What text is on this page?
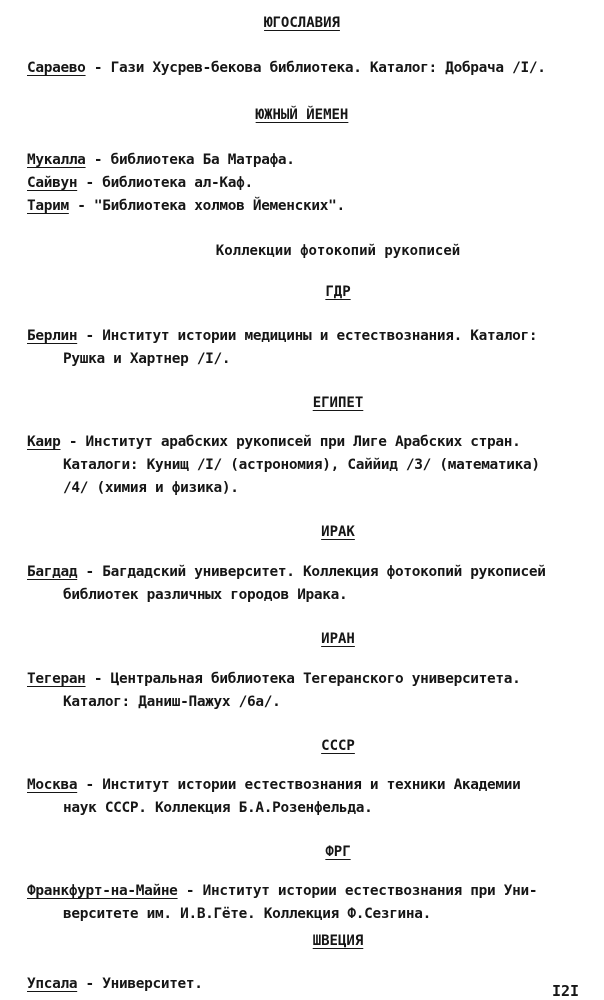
ЮГОСЛАВИЯ
Сараево - Гази Хусрев-бекова библиотека. Каталог: Добрача /I/.
ЮЖНЫЙ ЙЕМЕН
Мукалла - библиотека Ба Матрафа.
Сайвун - библиотека ал-Каф.
Тарим - "Библиотека холмов Йеменских".
Коллекции фотокопий рукописей
ГДР
Берлин - Институт истории медицины и естествознания. Каталог:
Рушка и Хартнер /I/.
ЕГИПЕТ
Каир - Институт арабских рукописей при Лиге Арабских стран.
Каталоги: Кунищ /I/ (астрономия), Саййид /3/ (математика)
/4/ (химия и физика).
ИРАК
Багдад - Багдадский университет. Коллекция фотокопий рукописей
библиотек различных городов Ирака.
ИРАН
Тегеран - Центральная библиотека Тегеранского университета.
Каталог: Даниш-Пажух /6а/.
СССР
Москва - Институт истории естествознания и техники Академии
наук СССР. Коллекция Б.А.Розенфельда.
ФРГ
Франкфурт-на-Майне - Институт истории естествознания при Уни-
верситете им. И.В.Гёте. Коллекция Ф.Сезгина.
ШВЕЦИЯ
Упсала - Университет.	I2I
